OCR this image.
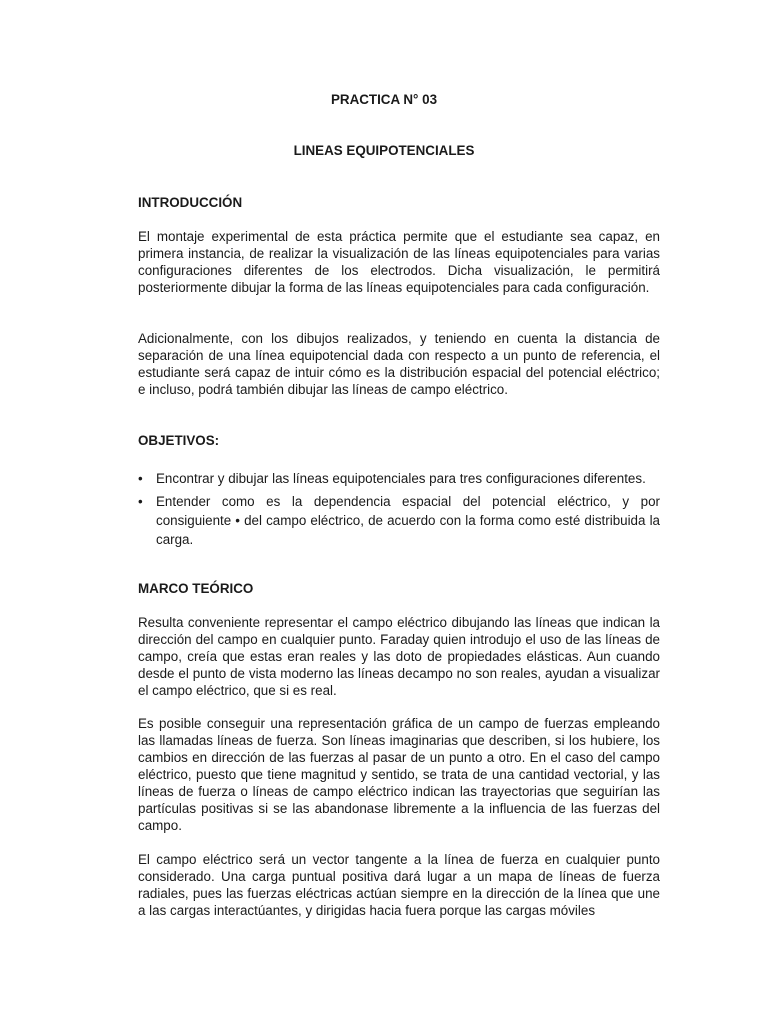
PRACTICA N° 03
LINEAS EQUIPOTENCIALES
INTRODUCCIÓN

El montaje experimental de esta práctica permite que el estudiante sea capaz, en primera instancia, de realizar la visualización de las líneas equipotenciales para varias configuraciones diferentes de los electrodos. Dicha visualización, le permitirá posteriormente dibujar la forma de las líneas equipotenciales para cada configuración.

Adicionalmente, con los dibujos realizados, y teniendo en cuenta la distancia de separación de una línea equipotencial dada con respecto a un punto de referencia, el estudiante será capaz de intuir cómo es la distribución espacial del potencial eléctrico; e incluso, podrá también dibujar las líneas de campo eléctrico.

OBJETIVOS:
• Encontrar y dibujar las líneas equipotenciales para tres configuraciones diferentes.
• Entender como es la dependencia espacial del potencial eléctrico, y por consiguiente • del campo eléctrico, de acuerdo con la forma como esté distribuida la carga.
MARCO TEÓRICO

Resulta conveniente representar el campo eléctrico dibujando las líneas que indican la dirección del campo en cualquier punto. Faraday quien introdujo el uso de las líneas de campo, creía que estas eran reales y las doto de propiedades elásticas. Aun cuando desde el punto de vista moderno las líneas decampo no son reales, ayudan a visualizar el campo eléctrico, que si es real.

Es posible conseguir una representación gráfica de un campo de fuerzas empleando las llamadas líneas de fuerza. Son líneas imaginarias que describen, si los hubiere, los cambios en dirección de las fuerzas al pasar de un punto a otro. En el caso del campo eléctrico, puesto que tiene magnitud y sentido, se trata de una cantidad vectorial, y las líneas de fuerza o líneas de campo eléctrico indican las trayectorias que seguirían las partículas positivas si se las abandonase libremente a la influencia de las fuerzas del campo.

El campo eléctrico será un vector tangente a la línea de fuerza en cualquier punto considerado. Una carga puntual positiva dará lugar a un mapa de líneas de fuerza radiales, pues las fuerzas eléctricas actúan siempre en la dirección de la línea que une a las cargas interactúantes, y dirigidas hacia fuera porque las cargas móviles
